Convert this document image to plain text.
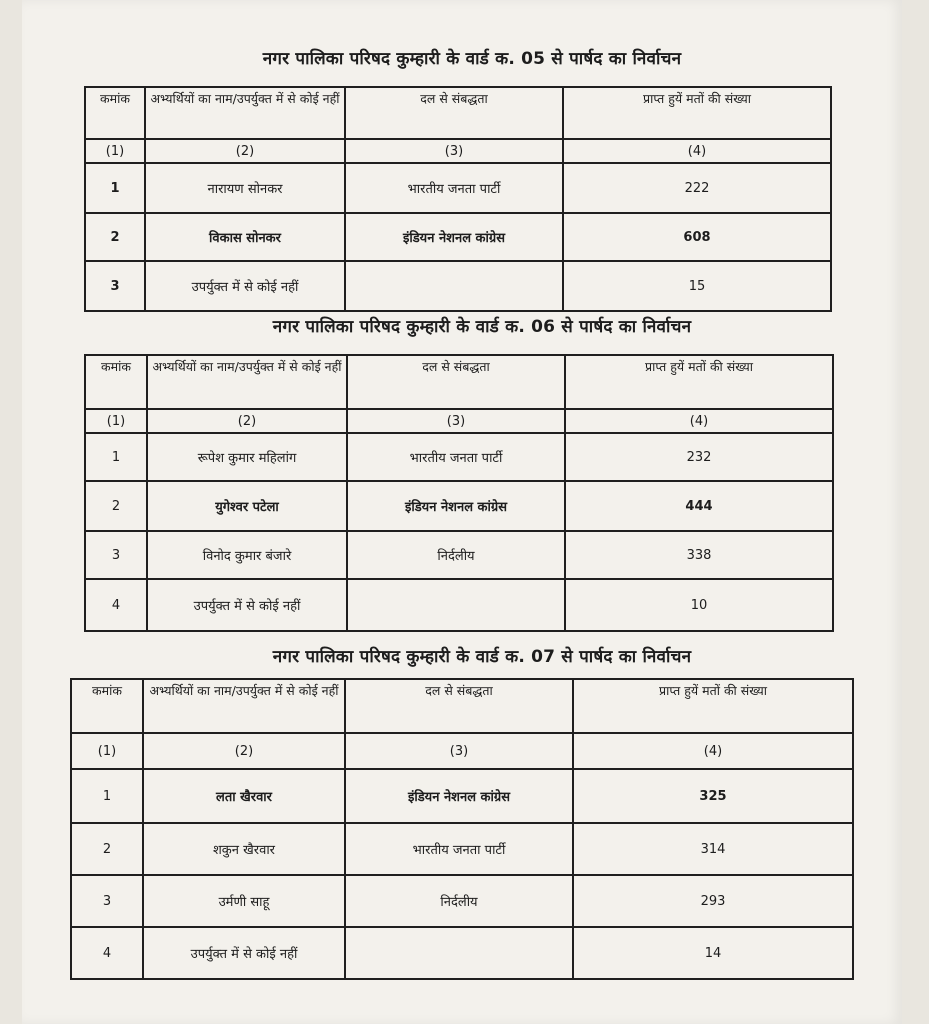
नगर पालिका परिषद कुम्हारी के वार्ड क. 05 से पार्षद का निर्वाचन
कमांक	अभ्यर्थियों का नाम/उपर्युक्त में से कोई नहीं	दल से संबद्धता	प्राप्त हुयें मतों की संख्या
(1)	(2)	(3)	(4)
1	नारायण सोनकर	भारतीय जनता पार्टी	222
2	विकास सोनकर	इंडियन नेशनल कांग्रेस	608
3	उपर्युक्त में से कोई नहीं		15
नगर पालिका परिषद कुम्हारी के वार्ड क. 06 से पार्षद का निर्वाचन
कमांक	अभ्यर्थियों का नाम/उपर्युक्त में से कोई नहीं	दल से संबद्धता	प्राप्त हुयें मतों की संख्या
(1)	(2)	(3)	(4)
1	रूपेश कुमार महिलांग	भारतीय जनता पार्टी	232
2	युगेश्वर पटेला	इंडियन नेशनल कांग्रेस	444
3	विनोद कुमार बंजारे	निर्दलीय	338
4	उपर्युक्त में से कोई नहीं		10
नगर पालिका परिषद कुम्हारी के वार्ड क. 07 से पार्षद का निर्वाचन
कमांक	अभ्यर्थियों का नाम/उपर्युक्त में से कोई नहीं	दल से संबद्धता	प्राप्त हुयें मतों की संख्या
(1)	(2)	(3)	(4)
1	लता खैरवार	इंडियन नेशनल कांग्रेस	325
2	शकुन खैरवार	भारतीय जनता पार्टी	314
3	उर्मणी साहू	निर्दलीय	293
4	उपर्युक्त में से कोई नहीं		14
